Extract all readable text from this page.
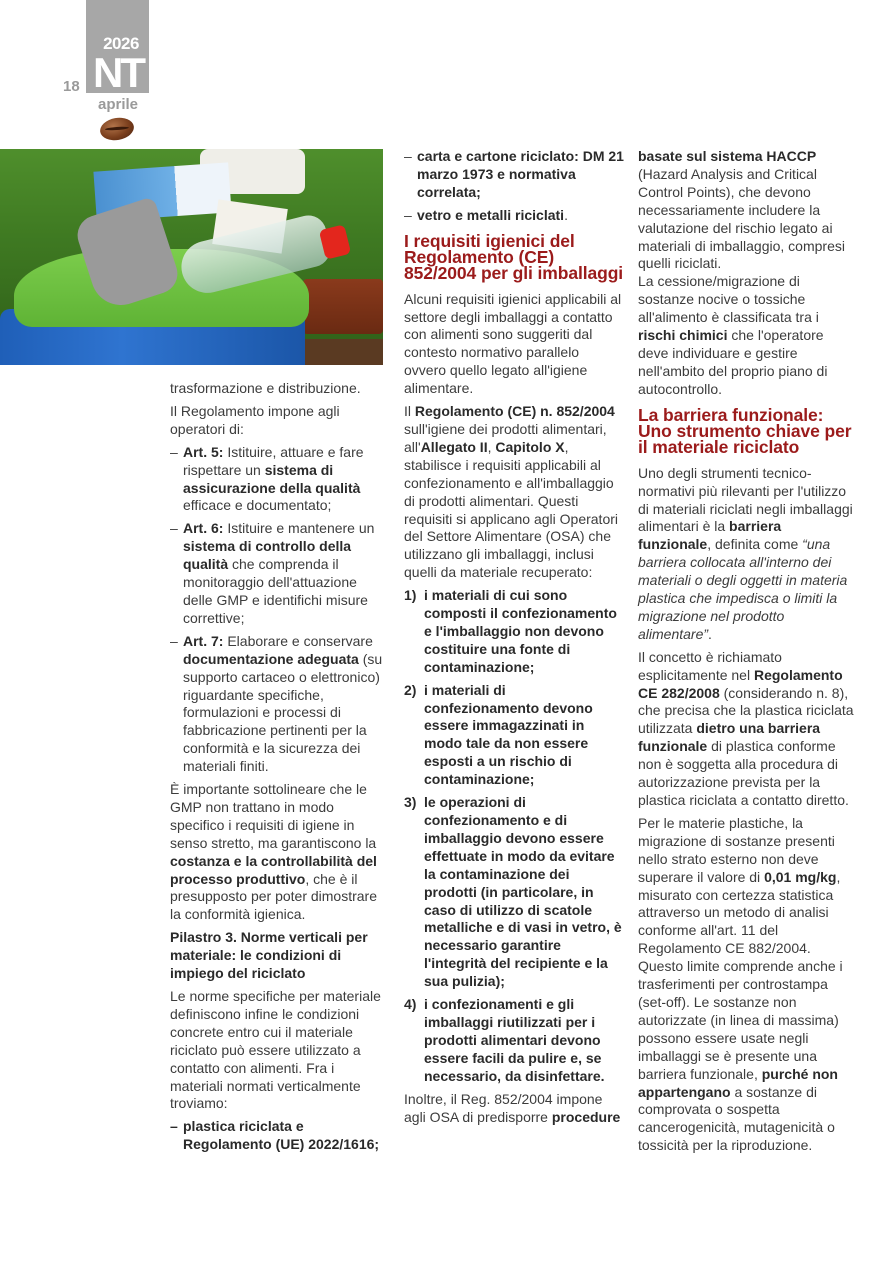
2026
NT
18
aprile

trasformazione e distribuzione.

Il Regolamento impone agli operatori di:

– Art. 5: Istituire, attuare e fare rispettare un sistema di assicurazione della qualità efficace e documentato;
– Art. 6: Istituire e mantenere un sistema di controllo della qualità che comprenda il monitoraggio dell'attuazione delle GMP e identifichi misure correttive;
– Art. 7: Elaborare e conservare documentazione adeguata (su supporto cartaceo o elettronico) riguardante specifiche, formulazioni e processi di fabbricazione pertinenti per la conformità e la sicurezza dei materiali finiti.

È importante sottolineare che le GMP non trattano in modo specifico i requisiti di igiene in senso stretto, ma garantiscono la costanza e la controllabilità del processo produttivo, che è il presupposto per poter dimostrare la conformità igienica.

Pilastro 3. Norme verticali per materiale: le condizioni di impiego del riciclato

Le norme specifiche per materiale definiscono infine le condizioni concrete entro cui il materiale riciclato può essere utilizzato a contatto con alimenti. Fra i materiali normati verticalmente troviamo:

– plastica riciclata e Regolamento (UE) 2022/1616;
– carta e cartone riciclato: DM 21 marzo 1973 e normativa correlata;
– vetro e metalli riciclati.
I requisiti igienici del Regolamento (CE) 852/2004 per gli imballaggi

Alcuni requisiti igienici applicabili al settore degli imballaggi a contatto con alimenti sono suggeriti dal contesto normativo parallelo ovvero quello legato all'igiene alimentare.

Il Regolamento (CE) n. 852/2004 sull'igiene dei prodotti alimentari, all'Allegato II, Capitolo X, stabilisce i requisiti applicabili al confezionamento e all'imballaggio di prodotti alimentari. Questi requisiti si applicano agli Operatori del Settore Alimentare (OSA) che utilizzano gli imballaggi, inclusi quelli da materiale recuperato:

1) i materiali di cui sono composti il confezionamento e l'imballaggio non devono costituire una fonte di contaminazione;
2) i materiali di confezionamento devono essere immagazzinati in modo tale da non essere esposti a un rischio di contaminazione;
3) le operazioni di confezionamento e di imballaggio devono essere effettuate in modo da evitare la contaminazione dei prodotti (in particolare, in caso di utilizzo di scatole metalliche e di vasi in vetro, è necessario garantire l'integrità del recipiente e la sua pulizia);
4) i confezionamenti e gli imballaggi riutilizzati per i prodotti alimentari devono essere facili da pulire e, se necessario, da disinfettare.

Inoltre, il Reg. 852/2004 impone agli OSA di predisporre procedure

basate sul sistema HACCP (Hazard Analysis and Critical Control Points), che devono necessariamente includere la valutazione del rischio legato ai materiali di imballaggio, compresi quelli riciclati.

La cessione/migrazione di sostanze nocive o tossiche all'alimento è classificata tra i rischi chimici che l'operatore deve individuare e gestire nell'ambito del proprio piano di autocontrollo.

La barriera funzionale: Uno strumento chiave per il materiale riciclato

Uno degli strumenti tecnico-normativi più rilevanti per l'utilizzo di materiali riciclati negli imballaggi alimentari è la barriera funzionale, definita come “una barriera collocata all'interno dei materiali o degli oggetti in materia plastica che impedisca o limiti la migrazione nel prodotto alimentare”.

Il concetto è richiamato esplicitamente nel Regolamento CE 282/2008 (considerando n. 8), che precisa che la plastica riciclata utilizzata dietro una barriera funzionale di plastica conforme non è soggetta alla procedura di autorizzazione prevista per la plastica riciclata a contatto diretto.

Per le materie plastiche, la migrazione di sostanze presenti nello strato esterno non deve superare il valore di 0,01 mg/kg, misurato con certezza statistica attraverso un metodo di analisi conforme all'art. 11 del Regolamento CE 882/2004. Questo limite comprende anche i trasferimenti per controstampa (set-off). Le sostanze non autorizzate (in linea di massima) possono essere usate negli imballaggi se è presente una barriera funzionale, purché non appartengano a sostanze di comprovata o sospetta cancerogenicità, mutagenicità o tossicità per la riproduzione.
